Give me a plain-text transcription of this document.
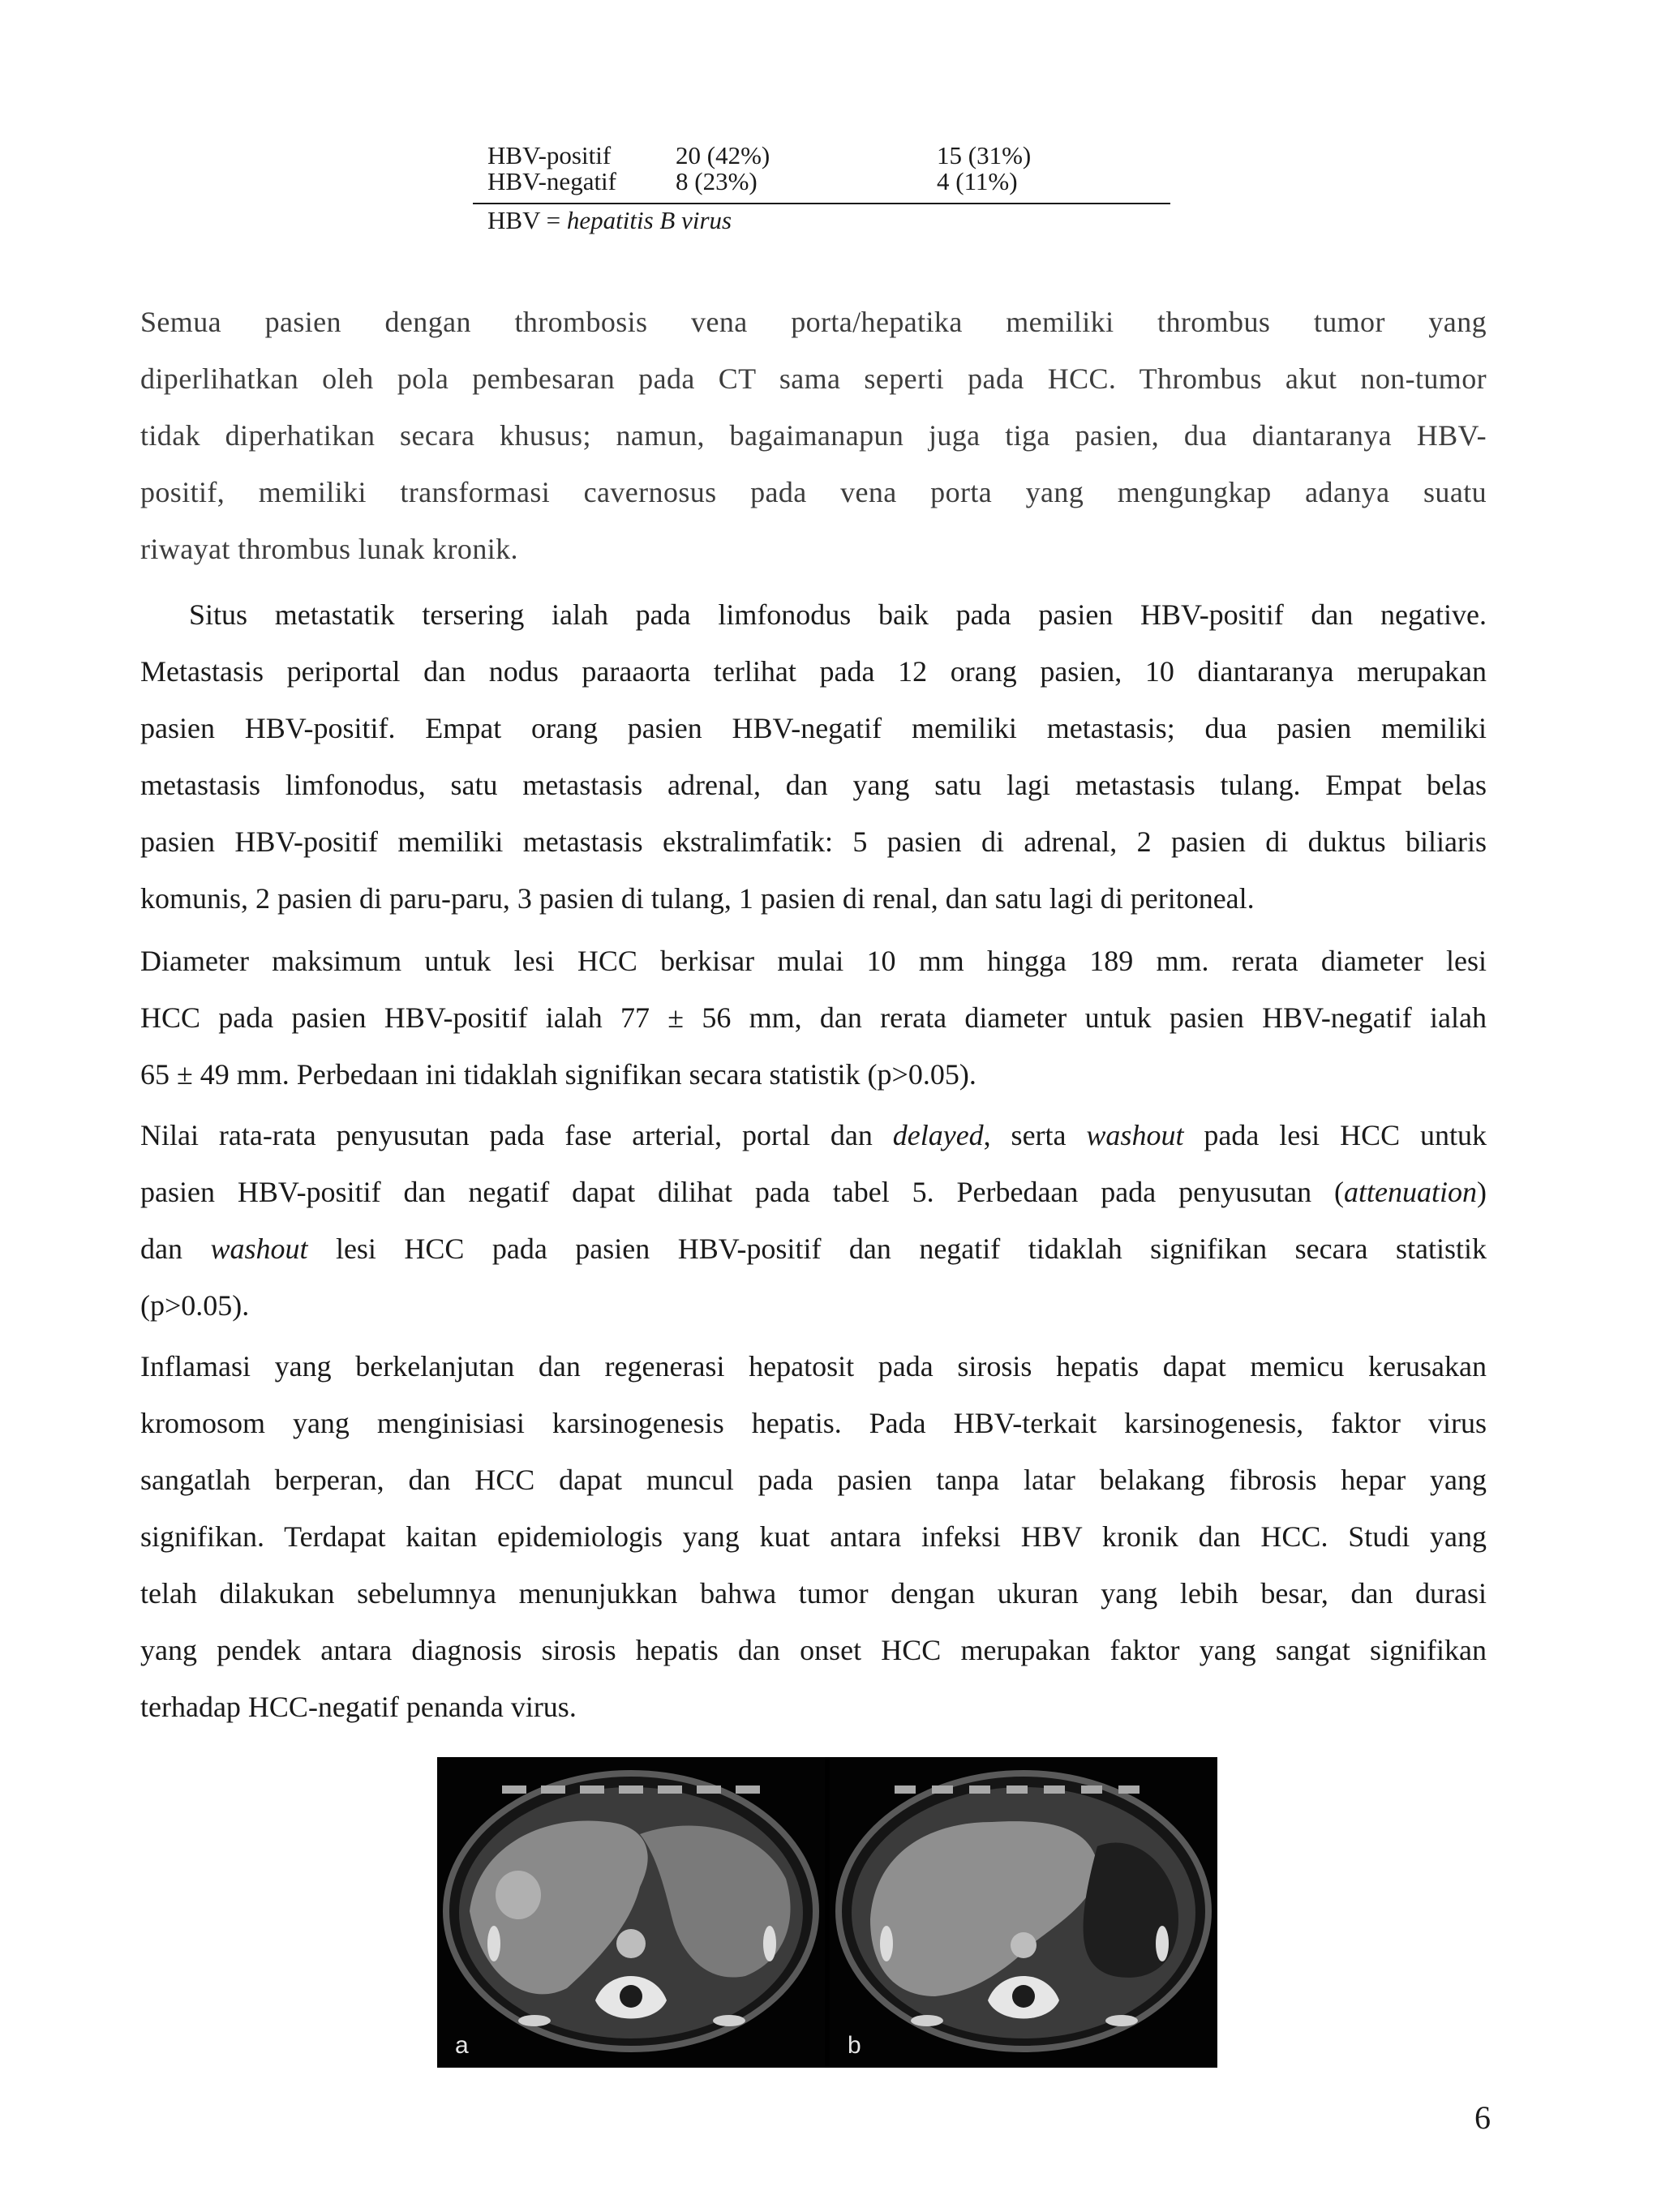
HBV-positif	20 (42%)	15 (31%)
HBV-negatif 8 (23%)	4 (11%)
HBV = hepatitis B virus
Semua pasien dengan thrombosis vena porta/hepatika memiliki thrombus tumor yang
diperlihatkan oleh pola pembesaran pada CT sama seperti pada HCC. Thrombus akut non-tumor
tidak diperhatikan secara khusus; namun, bagaimanapun juga tiga pasien, dua diantaranya HBV-
positif, memiliki transformasi cavernosus pada vena porta yang mengungkap adanya suatu
riwayat thrombus lunak kronik.
Situs metastatik tersering ialah pada limfonodus baik pada pasien HBV-positif dan negative.
Metastasis periportal dan nodus paraaorta terlihat pada 12 orang pasien, 10 diantaranya merupakan
pasien HBV-positif. Empat orang pasien HBV-negatif memiliki metastasis; dua pasien memiliki
metastasis limfonodus, satu metastasis adrenal, dan yang satu lagi metastasis tulang. Empat belas
pasien HBV-positif memiliki metastasis ekstralimfatik: 5 pasien di adrenal, 2 pasien di duktus biliaris
komunis, 2 pasien di paru-paru, 3 pasien di tulang, 1 pasien di renal, dan satu lagi di peritoneal.
Diameter maksimum untuk lesi HCC berkisar mulai 10 mm hingga 189 mm. rerata diameter lesi
HCC pada pasien HBV-positif ialah 77 ± 56 mm, dan rerata diameter untuk pasien HBV-negatif ialah
65 ± 49 mm. Perbedaan ini tidaklah signifikan secara statistik (p>0.05).
Nilai rata-rata penyusutan pada fase arterial, portal dan delayed, serta washout pada lesi HCC untuk
pasien HBV-positif dan negatif dapat dilihat pada tabel 5. Perbedaan pada penyusutan (attenuation)
dan washout lesi HCC pada pasien HBV-positif dan negatif tidaklah signifikan secara statistik
(p>0.05).
Inflamasi yang berkelanjutan dan regenerasi hepatosit pada sirosis hepatis dapat memicu kerusakan
kromosom yang menginisiasi karsinogenesis hepatis. Pada HBV-terkait karsinogenesis, faktor virus
sangatlah berperan, dan HCC dapat muncul pada pasien tanpa latar belakang fibrosis hepar yang
signifikan. Terdapat kaitan epidemiologis yang kuat antara infeksi HBV kronik dan HCC. Studi yang
telah dilakukan sebelumnya menunjukkan bahwa tumor dengan ukuran yang lebih besar, dan durasi
yang pendek antara diagnosis sirosis hepatis dan onset HCC merupakan faktor yang sangat signifikan
terhadap HCC-negatif penanda virus.
a	b
6
